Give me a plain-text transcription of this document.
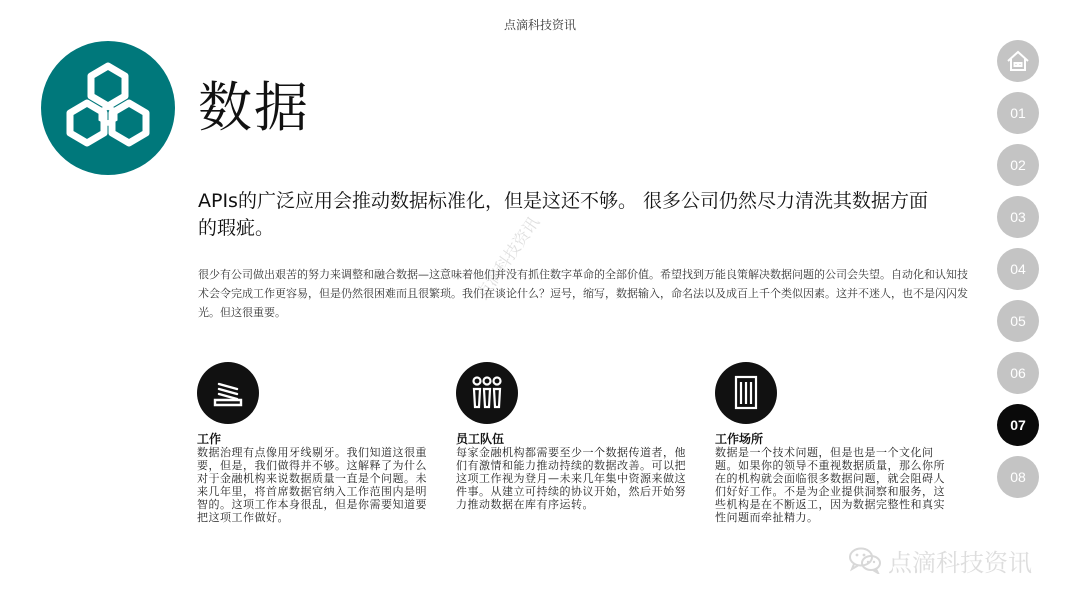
点滴科技资讯
数据
APIs的广泛应用会推动数据标准化，但是这还不够。 很多公司仍然尽力清洗其数据方面的瑕疵。
很少有公司做出艰苦的努力来调整和融合数据—这意味着他们并没有抓住数字革命的全部价值。希望找到万能良策解决数据问题的公司会失望。自动化和认知技术会令完成工作更容易，但是仍然很困难而且很繁琐。我们在谈论什么？逗号，缩写，数据输入，命名法以及成百上千个类似因素。这并不迷人，也不是闪闪发光。但这很重要。
点滴科技资讯
工作
数据治理有点像用牙线剔牙。我们知道这很重要，但是，我们做得并不够。这解释了为什么对于金融机构来说数据质量一直是个问题。未来几年里，将首席数据官纳入工作范围内是明智的。这项工作本身很乱，但是你需要知道要把这项工作做好。
员工队伍
每家金融机构都需要至少一个数据传道者，他们有激情和能力推动持续的数据改善。可以把这项工作视为登月—未来几年集中资源来做这件事。从建立可持续的协议开始，然后开始努力推动数据在库有序运转。
工作场所
数据是一个技术问题，但是也是一个文化问题。如果你的领导不重视数据质量，那么你所在的机构就会面临很多数据问题，就会阻碍人们好好工作。不是为企业提供洞察和服务，这些机构是在不断返工，因为数据完整性和真实性问题而牵扯精力。
01
02
03
04
05
06
07
08
点滴科技资讯
